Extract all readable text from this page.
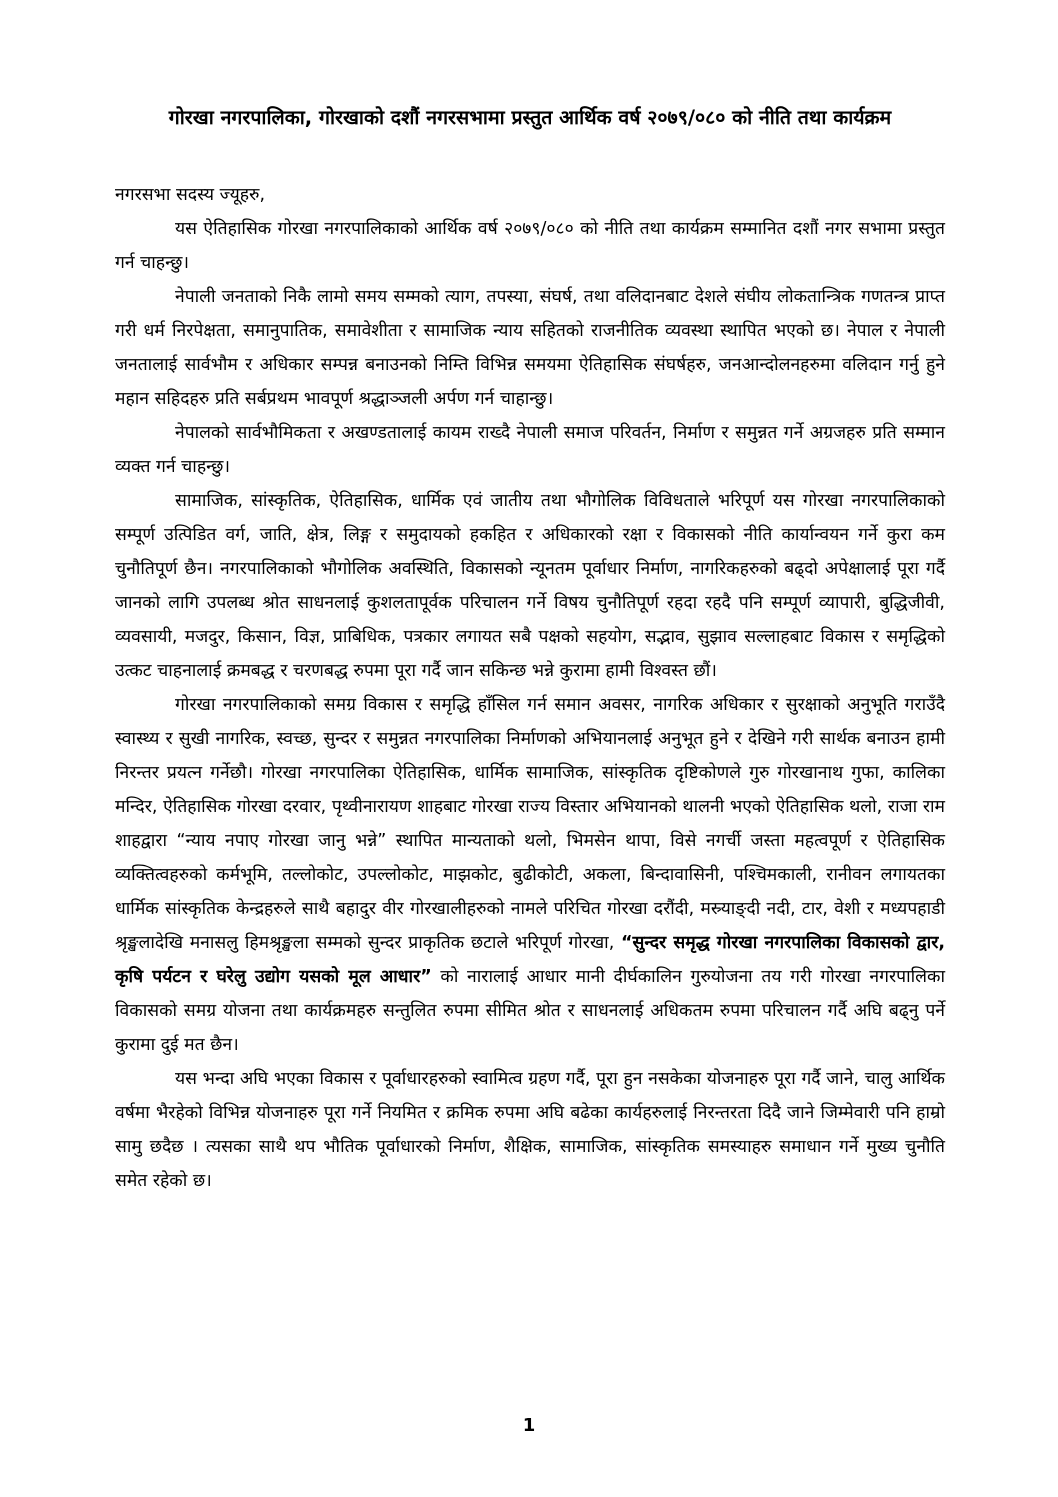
गोरखा नगरपालिका, गोरखाको दशौं नगरसभामा प्रस्तुत आर्थिक वर्ष २०७९/०८० को नीति तथा कार्यक्रम

नगरसभा सदस्य ज्यूहरु,

यस ऐतिहासिक गोरखा नगरपालिकाको आर्थिक वर्ष २०७९/०८० को नीति तथा कार्यक्रम सम्मानित दशौं नगर सभामा प्रस्तुत गर्न चाहन्छु।

नेपाली जनताको निकै लामो समय सम्मको त्याग, तपस्या, संघर्ष, तथा वलिदानबाट देशले संघीय लोकतान्त्रिक गणतन्त्र प्राप्त गरी धर्म निरपेक्षता, समानुपातिक, समावेशीता र सामाजिक न्याय सहितको राजनीतिक व्यवस्था स्थापित भएको छ। नेपाल र नेपाली जनतालाई सार्वभौम र अधिकार सम्पन्न बनाउनको निम्ति विभिन्न समयमा ऐतिहासिक संघर्षहरु, जनआन्दोलनहरुमा वलिदान गर्नु हुने महान सहिदहरु प्रति सर्बप्रथम भावपूर्ण श्रद्धाञ्जली अर्पण गर्न चाहान्छु।

नेपालको सार्वभौमिकता र अखण्डतालाई कायम राख्दै नेपाली समाज परिवर्तन, निर्माण र समुन्नत गर्ने अग्रजहरु प्रति सम्मान व्यक्त गर्न चाहन्छु।

सामाजिक, सांस्कृतिक, ऐतिहासिक, धार्मिक एवं जातीय तथा भौगोलिक विविधताले भरिपूर्ण यस गोरखा नगरपालिकाको सम्पूर्ण उत्पिडित वर्ग, जाति, क्षेत्र, लिङ्ग र समुदायको हकहित र अधिकारको रक्षा र विकासको नीति कार्यान्वयन गर्ने कुरा कम चुनौतिपूर्ण छैन। नगरपालिकाको भौगोलिक अवस्थिति, विकासको न्यूनतम पूर्वाधार निर्माण, नागरिकहरुको बढ्दो अपेक्षालाई पूरा गर्दै जानको लागि उपलब्ध श्रोत साधनलाई कुशलतापूर्वक परिचालन गर्ने विषय चुनौतिपूर्ण रहदा रहदै पनि सम्पूर्ण व्यापारी, बुद्धिजीवी, व्यवसायी, मजदुर, किसान, विज्ञ, प्राबिधिक, पत्रकार लगायत सबै पक्षको सहयोग, सद्भाव, सुझाव सल्लाहबाट विकास र समृद्धिको उत्कट चाहनालाई क्रमबद्ध र चरणबद्ध रुपमा पूरा गर्दै जान सकिन्छ भन्ने कुरामा हामी विश्वस्त छौं।

गोरखा नगरपालिकाको समग्र विकास र समृद्धि हाँसिल गर्न समान अवसर, नागरिक अधिकार र सुरक्षाको अनुभूति गराउँदै स्वास्थ्य र सुखी नागरिक, स्वच्छ, सुन्दर र समुन्नत नगरपालिका निर्माणको अभियानलाई अनुभूत हुने र देखिने गरी सार्थक बनाउन हामी निरन्तर प्रयत्न गर्नेछौ। गोरखा नगरपालिका ऐतिहासिक, धार्मिक सामाजिक, सांस्कृतिक दृष्टिकोणले गुरु गोरखानाथ गुफा, कालिका मन्दिर, ऐतिहासिक गोरखा दरवार, पृथ्वीनारायण शाहबाट गोरखा राज्य विस्तार अभियानको थालनी भएको ऐतिहासिक थलो, राजा राम शाहद्वारा “न्याय नपाए गोरखा जानु भन्ने” स्थापित मान्यताको थलो, भिमसेन थापा, विसे नगर्ची जस्ता महत्वपूर्ण र ऐतिहासिक व्यक्तित्वहरुको कर्मभूमि, तल्लोकोट, उपल्लोकोट, माझकोट, बुढीकोटी, अकला, बिन्दावासिनी, पश्चिमकाली, रानीवन लगायतका धार्मिक सांस्कृतिक केन्द्रहरुले साथै बहादुर वीर गोरखालीहरुको नामले परिचित गोरखा दरौंदी, मस्र्याङ्दी नदी, टार, वेशी र मध्यपहाडी श्रृङ्खलादेखि मनासलु हिमश्रृङ्खला सम्मको सुन्दर प्राकृतिक छटाले भरिपूर्ण गोरखा, “सुन्दर समृद्ध गोरखा नगरपालिका विकासको द्वार, कृषि पर्यटन र घरेलु उद्योग यसको मूल आधार” को नारालाई आधार मानी दीर्घकालिन गुरुयोजना तय गरी गोरखा नगरपालिका विकासको समग्र योजना तथा कार्यक्रमहरु सन्तुलित रुपमा सीमित श्रोत र साधनलाई अधिकतम रुपमा परिचालन गर्दै अघि बढ्नु पर्ने कुरामा दुई मत छैन।

यस भन्दा अघि भएका विकास र पूर्वाधारहरुको स्वामित्व ग्रहण गर्दै, पूरा हुन नसकेका योजनाहरु पूरा गर्दै जाने, चालु आर्थिक वर्षमा भैरहेको विभिन्न योजनाहरु पूरा गर्ने नियमित र क्रमिक रुपमा अघि बढेका कार्यहरुलाई निरन्तरता दिदै जाने जिम्मेवारी पनि हाम्रो सामु छदैछ । त्यसका साथै थप भौतिक पूर्वाधारको निर्माण, शैक्षिक, सामाजिक, सांस्कृतिक समस्याहरु समाधान गर्ने मुख्य चुनौति समेत रहेको छ।

1
